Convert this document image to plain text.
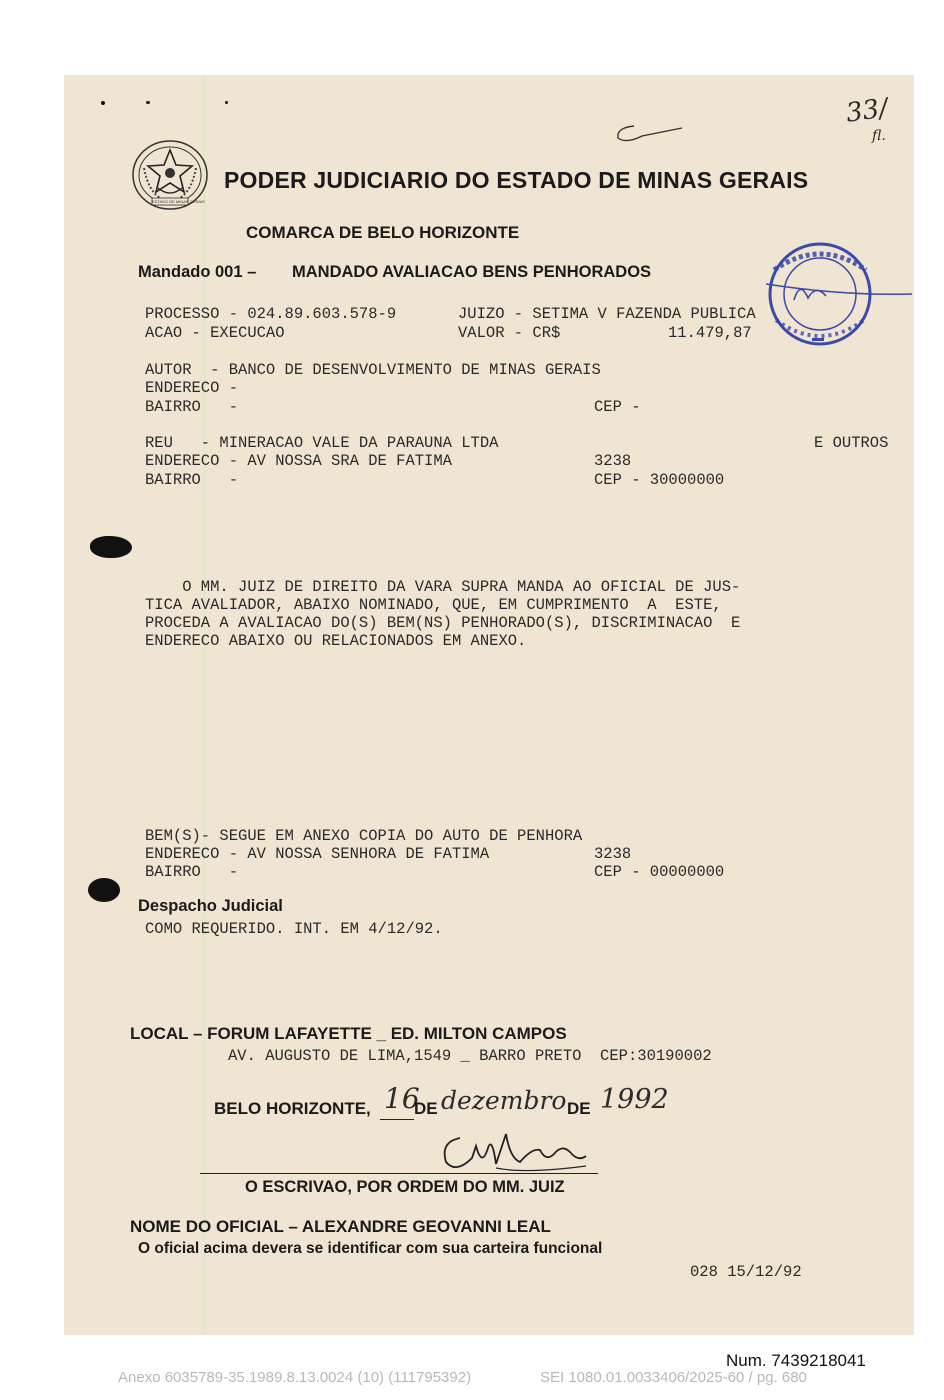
ESTADO DE MINAS GERAIS
PODER JUDICIARIO DO ESTADO DE MINAS GERAIS
COMARCA DE BELO HORIZONTE
Mandado 001 – MANDADO AVALIACAO BENS PENHORADOS
33/
fl.
PROCESSO - 024.89.603.578-9	JUIZO - SETIMA V FAZENDA PUBLICA
ACAO - EXECUCAO	VALOR - CR$	11.479,87
AUTOR  - BANCO DE DESENVOLVIMENTO DE MINAS GERAIS
ENDERECO -
BAIRRO   -	CEP -
REU   - MINERACAO VALE DA PARAUNA LTDA	E OUTROS
ENDERECO - AV NOSSA SRA DE FATIMA	3238
BAIRRO   -	CEP - 30000000
O MM. JUIZ DE DIREITO DA VARA SUPRA MANDA AO OFICIAL DE JUS-
TICA AVALIADOR, ABAIXO NOMINADO, QUE, EM CUMPRIMENTO  A  ESTE,
PROCEDA A AVALIACAO DO(S) BEM(NS) PENHORADO(S), DISCRIMINACAO  E
ENDERECO ABAIXO OU RELACIONADOS EM ANEXO.
BEM(S)- SEGUE EM ANEXO COPIA DO AUTO DE PENHORA
ENDERECO - AV NOSSA SENHORA DE FATIMA	3238
BAIRRO   -	CEP - 00000000
Despacho Judicial
COMO REQUERIDO. INT. EM 4/12/92.
LOCAL – FORUM LAFAYETTE _ ED. MILTON CAMPOS
AV. AUGUSTO DE LIMA,1549 _ BARRO PRETO  CEP:30190002
BELO HORIZONTE, 16
DE dezembro DE 1992
O ESCRIVAO, POR ORDEM DO MM. JUIZ
NOME DO OFICIAL – ALEXANDRE GEOVANNI LEAL
O oficial acima devera se identificar com sua carteira funcional
028 15/12/92
Num. 7439218041
Anexo 6035789-35.1989.8.13.0024 (10) (111795392)	SEI 1080.01.0033406/2025-60 / pg. 680
